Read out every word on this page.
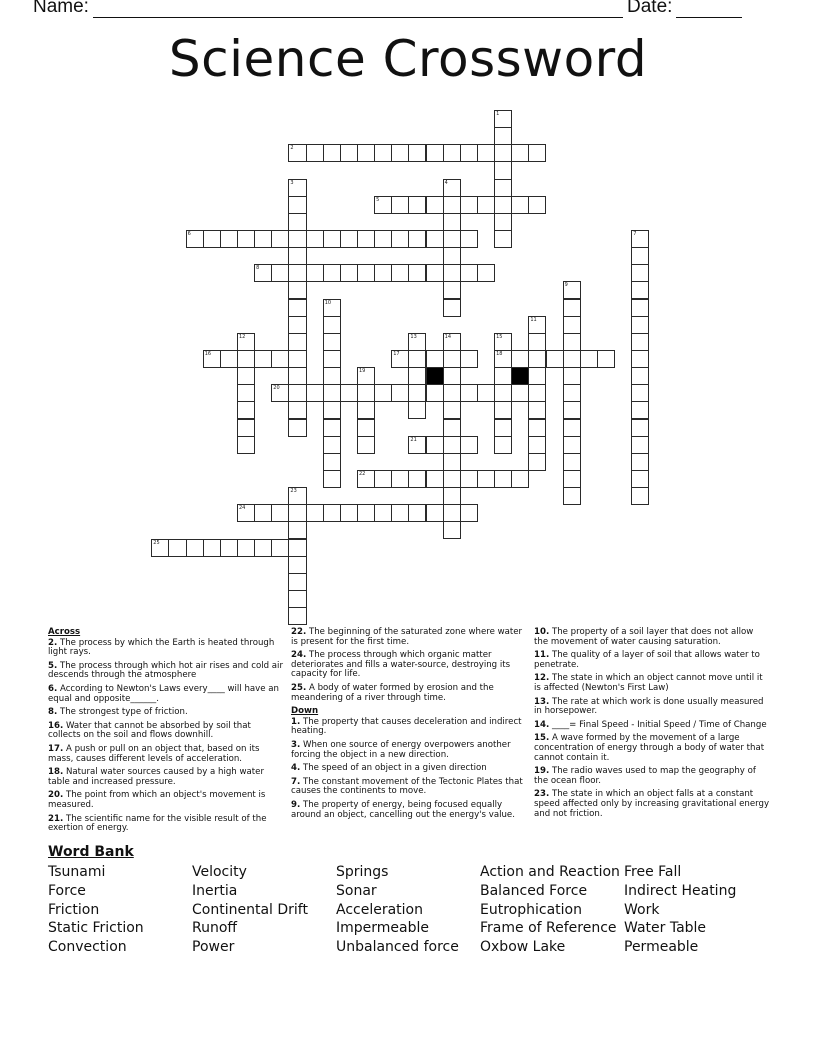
Name:	Date:
Science Crossword
1
2
3	4
5
6	7
8
9
10
11
12	13	14	15
18
16	17
19
20
21
22
23
24
25
Across
2. The process by which the Earth is heated through light rays.
5. The process through which hot air rises and cold air descends through the atmosphere
6. According to Newton's Laws every____ will have an equal and opposite______.
8. The strongest type of friction.
16. Water that cannot be absorbed by soil that collects on the soil and flows downhill.
17. A push or pull on an object that, based on its mass, causes different levels of acceleration.
18. Natural water sources caused by a high water table and increased pressure.
20. The point from which an object's movement is measured.
21. The scientific name for the visible result of the exertion of energy.
22. The beginning of the saturated zone where water is present for the first time.
24. The process through which organic matter deteriorates and fills a water-source, destroying its capacity for life.
25. A body of water formed by erosion and the meandering of a river through time.
Down
1. The property that causes deceleration and indirect heating.
3. When one source of energy overpowers another forcing the object in a new direction.
4. The speed of an object in a given direction
7. The constant movement of the Tectonic Plates that causes the continents to move.
9. The property of energy, being focused equally around an object, cancelling out the energy's value.
10. The property of a soil layer that does not allow the movement of water causing saturation.
11. The quality of a layer of soil that allows water to penetrate.
12. The state in which an object cannot move until it is affected (Newton's First Law)
13. The rate at which work is done usually measured in horsepower.
14. ____= Final Speed - Initial Speed / Time of Change
15. A wave formed by the movement of a large concentration of energy through a body of water that cannot contain it.
19. The radio waves used to map the geography of the ocean floor.
23. The state in which an object falls at a constant speed affected only by increasing gravitational energy and not friction.
Word Bank
Tsunami
Force
Friction
Static Friction
Convection
Velocity
Inertia
Continental Drift
Runoff
Power
Springs
Sonar
Acceleration
Impermeable
Unbalanced force
Action and Reaction
Balanced Force
Eutrophication
Frame of Reference
Oxbow Lake
Free Fall
Indirect Heating
Work
Water Table
Permeable
